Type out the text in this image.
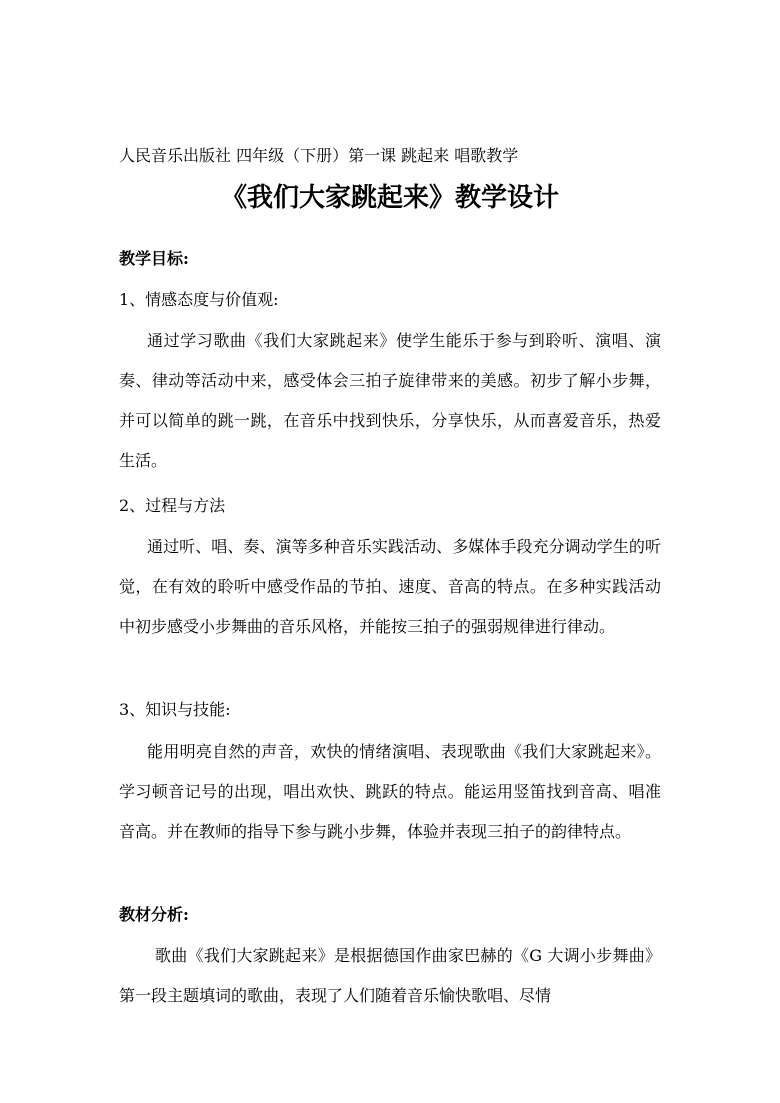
人民音乐出版社 四年级（下册）第一课 跳起来 唱歌教学
《我们大家跳起来》教学设计
教学目标:
1、情感态度与价值观:

通过学习歌曲《我们大家跳起来》使学生能乐于参与到聆听、演唱、演奏、律动等活动中来，感受体会三拍子旋律带来的美感。初步了解小步舞，并可以简单的跳一跳，在音乐中找到快乐，分享快乐，从而喜爱音乐，热爱生活。

2、过程与方法

通过听、唱、奏、演等多种音乐实践活动、多媒体手段充分调动学生的听觉，在有效的聆听中感受作品的节拍、速度、音高的特点。在多种实践活动中初步感受小步舞曲的音乐风格，并能按三拍子的强弱规律进行律动。

3、知识与技能:

能用明亮自然的声音，欢快的情绪演唱、表现歌曲《我们大家跳起来》。学习顿音记号的出现，唱出欢快、跳跃的特点。能运用竖笛找到音高、唱准音高。并在教师的指导下参与跳小步舞，体验并表现三拍子的韵律特点。

教材分析:

歌曲《我们大家跳起来》是根据德国作曲家巴赫的《G 大调小步舞曲》第一段主题填词的歌曲，表现了人们随着音乐愉快歌唱、尽情
